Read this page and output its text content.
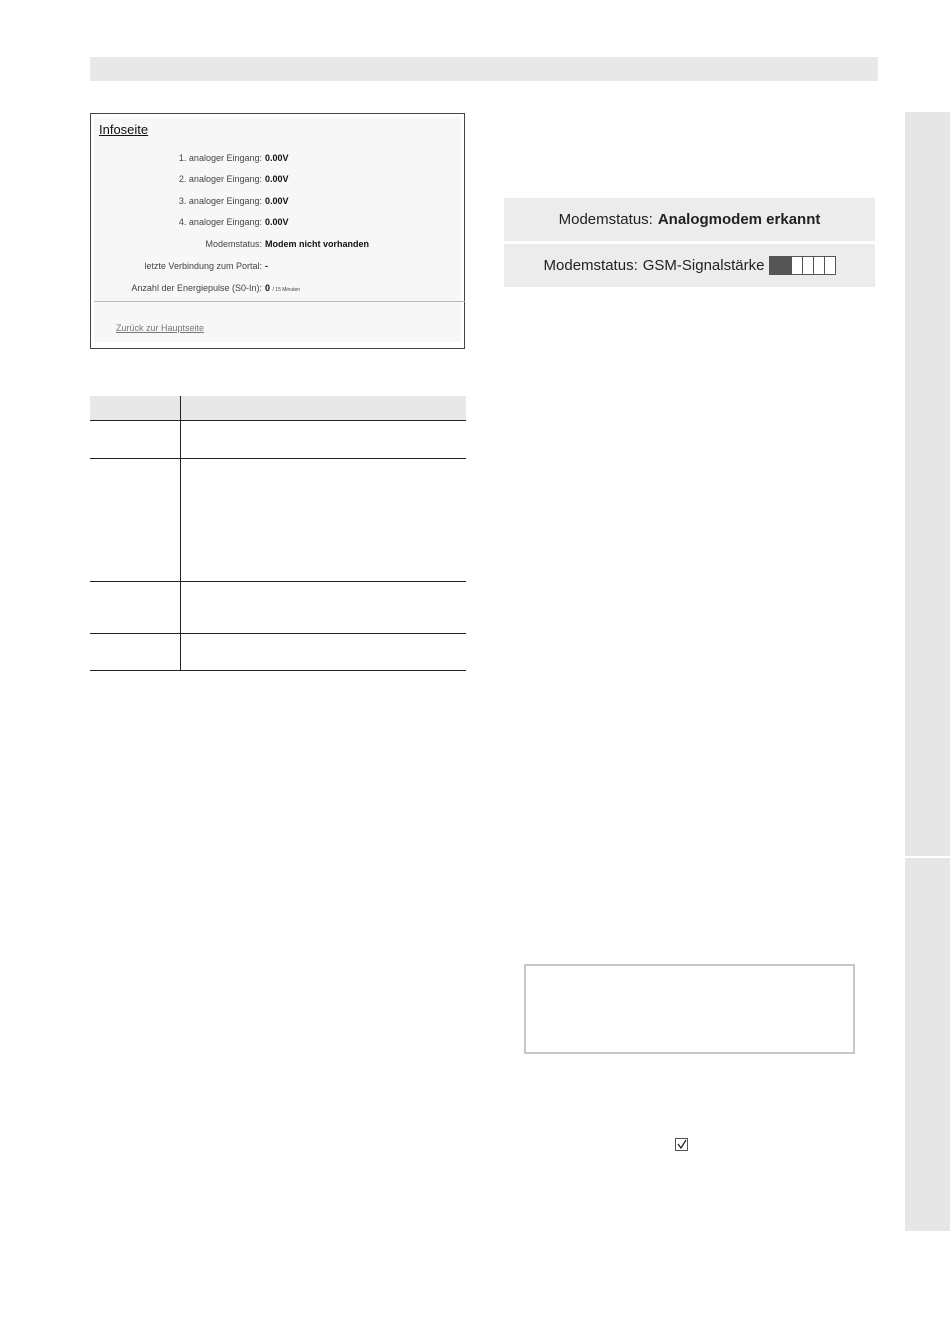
Infoseite
1. analoger Eingang: 0.00V
2. analoger Eingang: 0.00V
3. analoger Eingang: 0.00V
4. analoger Eingang: 0.00V
Modemstatus: Modem nicht vorhanden
letzte Verbindung zum Portal: -
Anzahl der Energiepulse (S0-In): 0 / 15 Minuten
Zurück zur Hauptseite
Modemstatus: Analogmodem erkannt
Modemstatus: GSM-Signalstärke
